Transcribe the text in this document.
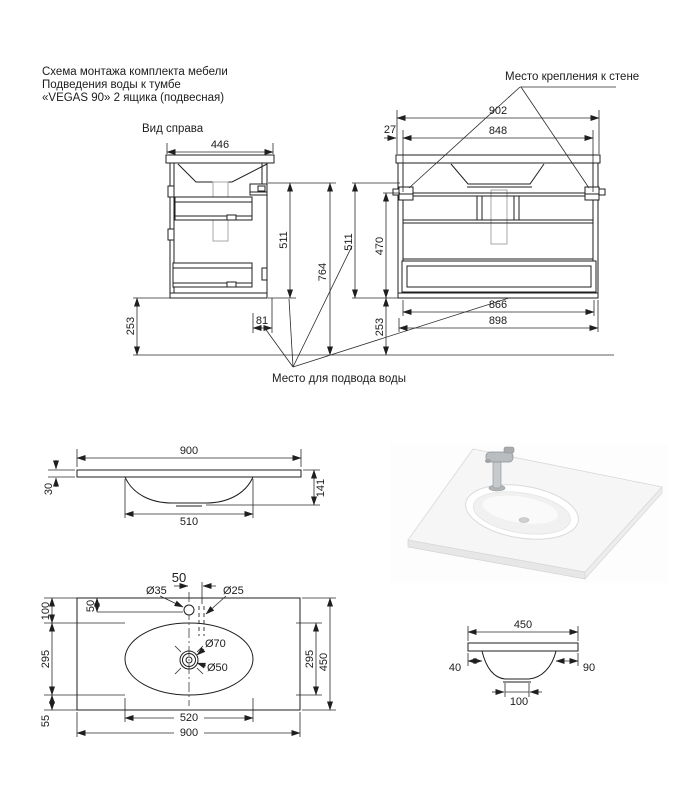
Схема монтажа комплекта мебели
Подведения воды к тумбе
«VEGAS 90» 2 ящика (подвесная)
Вид справа
446
511
764
253	81
902
848
27
511 470
253
866
898
Место крепления к стене
Место для подвода воды
900
30	141
510
50
Ø35	Ø25
100	50
295
55
295 450
Ø70
Ø50
520
900
450
40	90
100
